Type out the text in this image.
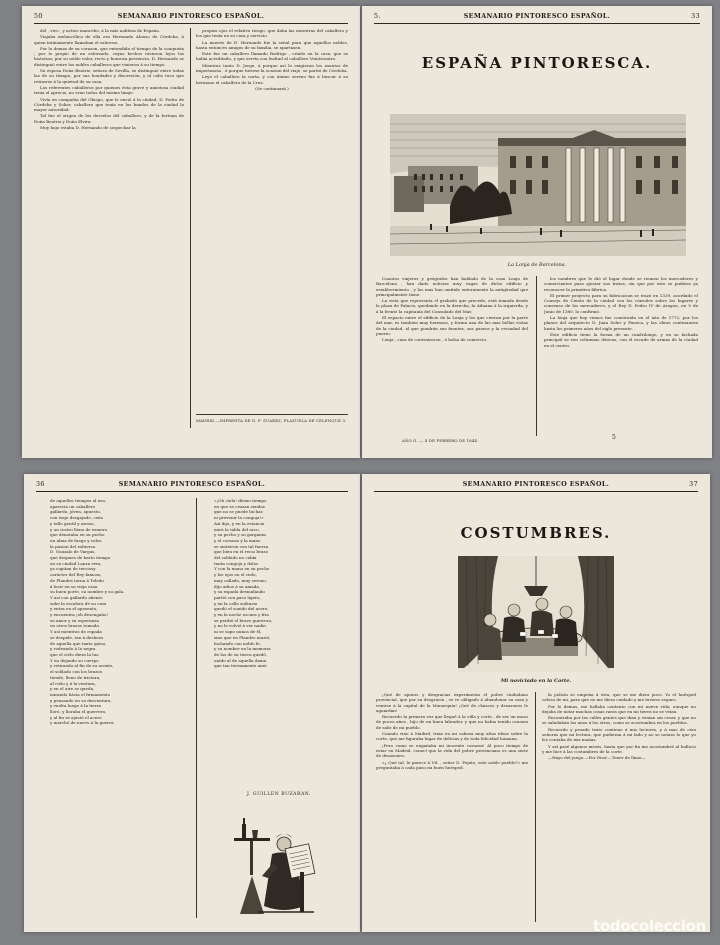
50	SEMANARIO PINTORESCO ESPAÑOL.

del , vivo , y activo mancebo, á la más nobleza de España.

Viajaba melancólica de ella era Hernando Alonso de Córdoba, á quien íntimamente llamaban el valeroso.

Por lo demas de su corazon, que entendida el tiempo de la conquista ; por lo propio de un esforzado, cuyas hechos tuvieron lejos las historias; por su noble valor, recto y honrosa presencia, D. Hernando se distinguió entre los nobles caballeros que vinieron á su tiempo.

Su esposa Doña Beatriz, señora de Sevilla, se distinguió entre todas las de su tiempo, por sus bondades y discreción, y al cabo tuvo que retirarse á la quietud de su casa.

Los referentes caballeros por quienes ésta grave y amistosa ciudad tenía el aprecio, no eran todos del mismo linaje.

Vivía en compañía del Obispo, que le envió á la ciudad, D. Pedro de Córdoba y Solier, caballero que tenía en los bandos de la ciudad la mayor autoridad.

Tal fue el origen de los desvelos del caballero, y de la fortuna de Doña Beatriz y Doña Elvira.

Muy bajo estaba D. Hernando de sospechar la

propios ojos el relativo riesgo, que daba las muestras del caballero y los que tenía en su casa y servicio.

La muerte de D. Hernando fue la señal para que aquellos nobles, hasta entonces amigos de su familia, se apartasen.

Este fue un caballero llamado Rodrigo , criado en la casa, que se había acreditado, y que servía con lealtad al caballero Veinticuatro.

Mientras tanto D. Jorge, á porque así lo exigieron los asuntos de importancia , ó porque tuviese la ocasion del viaje, se partió de Córdoba.

Leyó el caballero la carta, y con ánimo sereno fue á buscar á su hermano el caballero de la Cruz.

(Se continuará.)

MADRID.—IMPRENTA DE D. F. SUAREZ, PLAZUELA DE CELENQUE 3.
5.	SEMANARIO PINTORESCO ESPAÑOL.	33
ESPAÑA PINTORESCA.
La Lonja de Barcelona.

Cuantos viajeros y geógrafos han hablado de la casa Lonja de Barcelona , han dado noticias muy vagas de dicho edificio y establecimiento , y los mas han omitido enteramente la antigüedad que principalmente tiene.

La vista que representa el grabado que precede, está tomada desde la plaza de Palacio, quedando en la derecha, la Aduana á la izquierda, y á la frente la capitanía del Consulado del Mar.

El espacio entre el edificio de la Lonja y los que cierran por la parte del mar, es tambien muy hermoso, y forma una de las mas bellas vistas de la ciudad, al que pondrán sus fuentes, sus paseos y la vecindad del puerto.

Lonja , casa de contratacion , ó bolsa de comercio.

los nombres que le dió el lugar donde se reunen los mercaderes y comerciantes para ajustar sus tratos; sin que por esto se pudiera ya reconocer la primitiva fábrica.

El primer proyecto para su fabricacion se trazó en 1339, acordado el Consejo de Ciento de la ciudad con los cónsules sobre los lugares y consenso de los mercaderes, y el Rey D. Pedro IV de Aragon, en 9 de Junio de 1380, lo confirmó.

La lonja que hoy vemos fue construida en el año de 1772, por los planos del arquitecto D. Juan Soler y Faneca, y las obras continuaron hasta los primeros años del siglo presente.

Este edificio tiene la forma de un cuadrilongo, y en su fachada principal se ven columnas dóricas, con el escudo de armas de la ciudad en el centro.

AÑO II. — 4 DE FEBRERO DE 1844.	5
36	SEMANARIO PINTORESCO ESPAÑOL.

de aquellos tiempos al uso,
aparecía un caballero
gallardo, jóven, apuesto,
con traje desgajado, ceño
y talle gentil y airoso,
y un rostro lleno de esmero
que denotaba en su pecho
un alma de fuego y valor,
la pasion del esfuerzo.
D. Gonzalo de Vargas,
que despues de harto tiempo
en su ciudad Lanza vera,
ya capitan de terciosy
carácter del Rey famoso,
de Flandes torna á Toledo
á lucir en su vieja casa
su buen porte, su nombre y su gala.
Y así con gallardo aliento
sube la escalera de su casa
y entra en el aposento,
y encuentra ¡oh desengaño!
su amor y su esperanza
en otros brazos tomada.
Y así mientras de espada
se despide, tan á deshora
de aquella que tanto quiso,
y rodeando á la negra
que el cielo diera la luz.
Y en dejando su cuerpo
y retirando al fin de su acento,
el soldado con los brazos
tiende, lleno de tristura,
al cielo y á la ventura,
y en el aire se queda,
mirando hácia el firmamento
y pensando en su desventura,
y vuelta luego á la tierra
lloró, y lloraba el guerrero,
y al fin se ajustó el acero
y marchó de nuevo á la guerra.

«¡Oh cielo! divino tiempo
en que se cruzan sendas
que no se puede luchar,
ni prevenir la congoja!»
Así dijo, y en la estancia
miró la tabla del arco,
y su pecho y su garganta
y el corazon y la mano
se sintieron con tal fuerza
que bien en el recio brazo
del soldado no cabía
tanta congoja y dolor.
Y con la mano en su pecho
y los ojos en el cielo,
muy callado, muy sereno,
dijo adios á su amada,
y su espada desnudando
partió con paso ligero,
y en la calle solitaria
quedó el sonido del acero,
y en la noche oscura y fria
se perdió el bravo guerrero,
y no le volvió á ver nadie,
ni se supo nunca de él,
sino que en Flandes murió,
luchando con noble fe,
y su nombre en la memoria
de los de su tierra quedó,
unido al de aquella dama
que tan tiernamente amó.

J. GUILLEN BUZARAN.
SEMANARIO PINTORESCO ESPAÑOL.	37
COSTUMBRES.
Mi noviciado en la Corte.

¡Qué de apuros y desgracias experimenta el pobre ciudadano provincial, que por su desgracia , se ve obligado á abandonar su casa y venirse á la capital de la Monarquía! ¡Qué de chascos y desazones le aguardan!

Recuerdo la primera vez que llegué á la villa y corte , de ser un mozo de pocos años , hijo de un buen labrador, y que no habia tenido ocasion de salir de mi pueblo.

Cuando vine á Madrid, traia en mi cabeza muy altas ideas sobre la corte, que me figuraba lugar de delicias y de toda felicidad humana.

¡Pero como se engañaba mi inocente corazon! Al poco tiempo de estar en Madrid, conocí que la vida del pobre provinciano es una serie de desazones.

«¿ Qué tal, le parece á Vd. , señor D. Pepito, este noble pueblo?» me preguntaba á cada paso mi buen huésped.

la policía se empeña á esta, que se me diera poco. Yo el huésped celoso de mi, para que no me diera cuidado y me tuviese seguro.

Por lo demas, me hallaba contento con mi nueva vida; aunque no dejaba de notar muchas cosas raras que en mi tierra no se veian.

Encontraba por las calles gentes que iban y venian sin cesar, y que no se saludaban los unos á los otros, como se acostumbra en los pueblos.

Recuerdo y pesado texto contiene á mis lectores, y á mas de cien señoras que mi lectura, que pudieran á mi lado y no se notara lo que yo les contaba de mis mañas.

Y así pasé algunos meses, hasta que por fin me acostumbré al bullicio y me hice á las costumbres de la corte.

—Hayo del juego.—Por Dios!—Tener de llano—

todocoleccion
